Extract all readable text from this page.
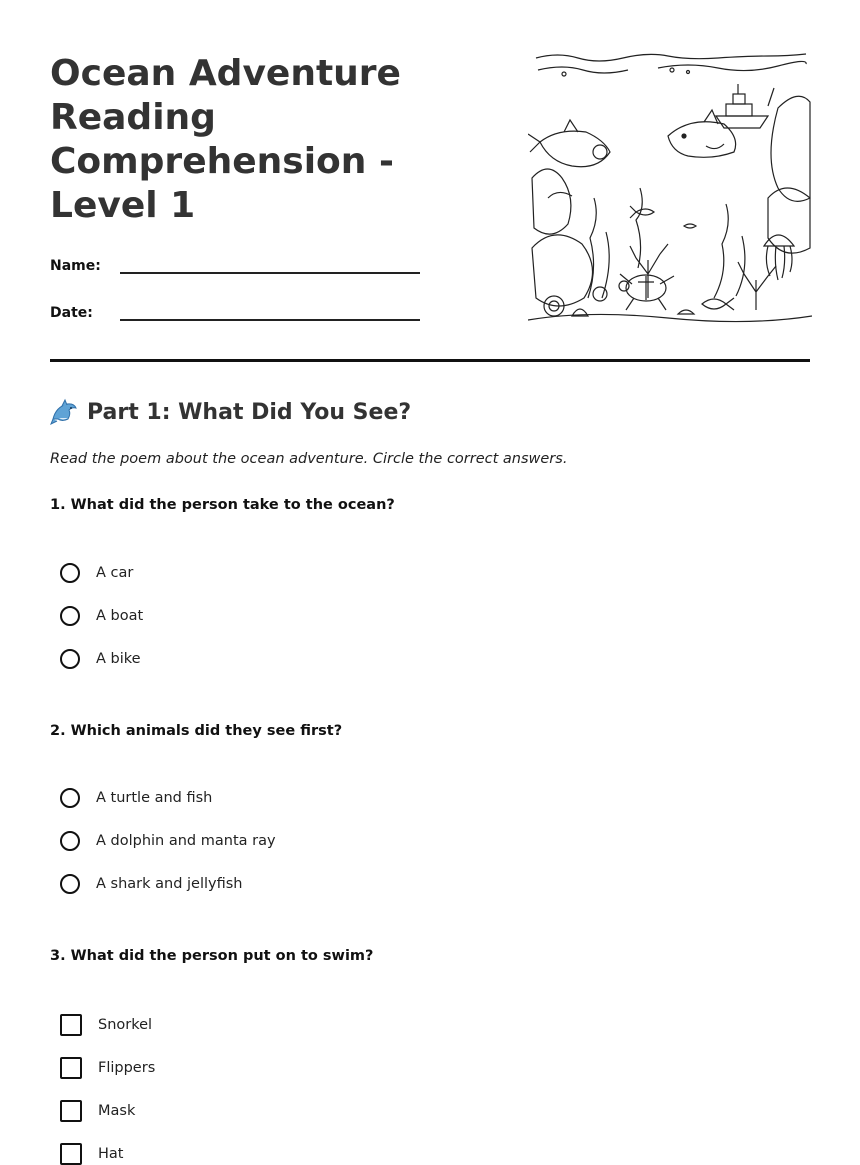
Ocean Adventure Reading Comprehension - Level 1
Name:
Date:
Part 1: What Did You See?
Read the poem about the ocean adventure. Circle the correct answers.
1. What did the person take to the ocean?
A car
A boat
A bike
2. Which animals did they see first?
A turtle and fish
A dolphin and manta ray
A shark and jellyfish
3. What did the person put on to swim?
Snorkel
Flippers
Mask
Hat
